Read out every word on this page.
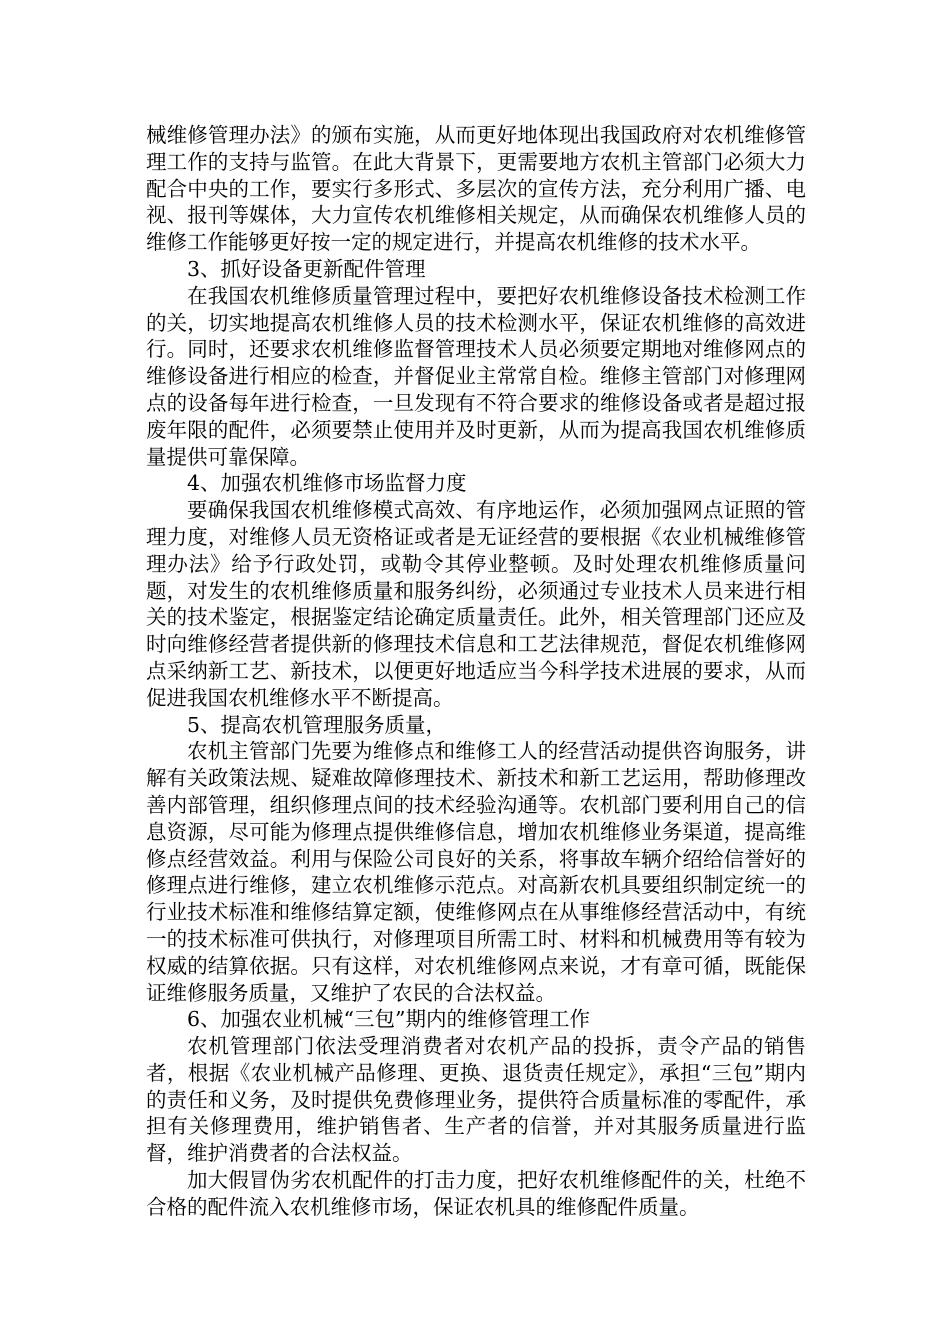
械维修管理办法》的颁布实施，从而更好地体现出我国政府对农机维修管理工作的支持与监管。在此大背景下，更需要地方农机主管部门必须大力配合中央的工作，要实行多形式、多层次的宣传方法，充分利用广播、电视、报刊等媒体，大力宣传农机维修相关规定，从而确保农机维修人员的维修工作能够更好按一定的规定进行，并提高农机维修的技术水平。

3、抓好设备更新配件管理

在我国农机维修质量管理过程中，要把好农机维修设备技术检测工作的关，切实地提高农机维修人员的技术检测水平，保证农机维修的高效进行。同时，还要求农机维修监督管理技术人员必须要定期地对维修网点的维修设备进行相应的检查，并督促业主常常自检。维修主管部门对修理网点的设备每年进行检查，一旦发现有不符合要求的维修设备或者是超过报废年限的配件，必须要禁止使用并及时更新，从而为提高我国农机维修质量提供可靠保障。

4、加强农机维修市场监督力度

要确保我国农机维修模式高效、有序地运作，必须加强网点证照的管理力度，对维修人员无资格证或者是无证经营的要根据《农业机械维修管理办法》给予行政处罚，或勒令其停业整顿。及时处理农机维修质量问题，对发生的农机维修质量和服务纠纷，必须通过专业技术人员来进行相关的技术鉴定，根据鉴定结论确定质量责任。此外，相关管理部门还应及时向维修经营者提供新的修理技术信息和工艺法律规范，督促农机维修网点采纳新工艺、新技术，以便更好地适应当今科学技术进展的要求，从而促进我国农机维修水平不断提高。

5、提高农机管理服务质量，

农机主管部门先要为维修点和维修工人的经营活动提供咨询服务，讲解有关政策法规、疑难故障修理技术、新技术和新工艺运用，帮助修理改善内部管理，组织修理点间的技术经验沟通等。农机部门要利用自己的信息资源，尽可能为修理点提供维修信息，增加农机维修业务渠道，提高维修点经营效益。利用与保险公司良好的关系，将事故车辆介绍给信誉好的修理点进行维修，建立农机维修示范点。对高新农机具要组织制定统一的行业技术标准和维修结算定额，使维修网点在从事维修经营活动中，有统一的技术标准可供执行，对修理项目所需工时、材料和机械费用等有较为权威的结算依据。只有这样，对农机维修网点来说，才有章可循，既能保证维修服务质量，又维护了农民的合法权益。

6、加强农业机械“三包”期内的维修管理工作

农机管理部门依法受理消费者对农机产品的投拆，责令产品的销售者，根据《农业机械产品修理、更换、退货责任规定》，承担“三包”期内的责任和义务，及时提供免费修理业务，提供符合质量标准的零配件，承担有关修理费用，维护销售者、生产者的信誉，并对其服务质量进行监督，维护消费者的合法权益。

加大假冒伪劣农机配件的打击力度，把好农机维修配件的关，杜绝不合格的配件流入农机维修市场，保证农机具的维修配件质量。
